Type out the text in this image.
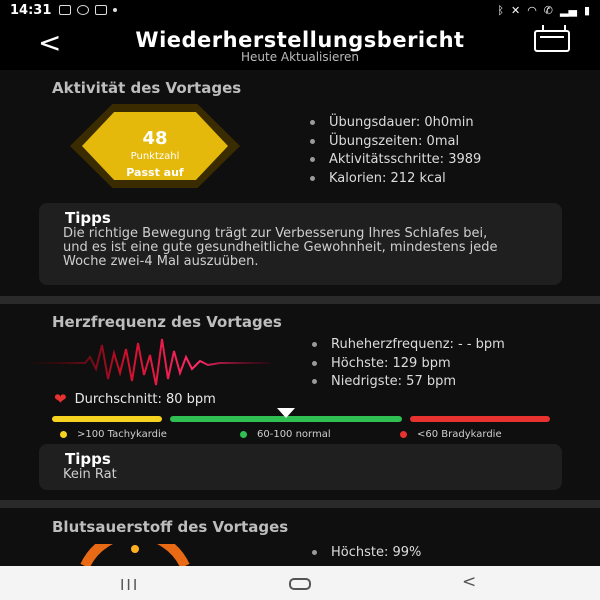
14:31	ᛒ ✕ ◠ ✆ ▂▄ ▮
<	Wiederherstellungsbericht
Heute Aktualisieren
Aktivität des Vortages
48
Punktzahl
Passt auf
Übungsdauer: 0h0min
Übungszeiten: 0mal
Aktivitätsschritte: 3989
Kalorien: 212 kcal
Tipps
Die richtige Bewegung trägt zur Verbesserung Ihres Schlafes bei, und es ist eine gute gesundheitliche Gewohnheit, mindestens jede Woche zwei-4 Mal auszuüben.
Herzfrequenz des Vortages
Ruheherzfrequenz: - - bpm
Höchste: 129 bpm
Niedrigste: 57 bpm
❤ Durchschnitt: 80 bpm
>100 Tachykardie	60-100 normal	<60 Bradykardie
Tipps
Kein Rat
Blutsauerstoff des Vortages
Höchste: 99%
III	<
